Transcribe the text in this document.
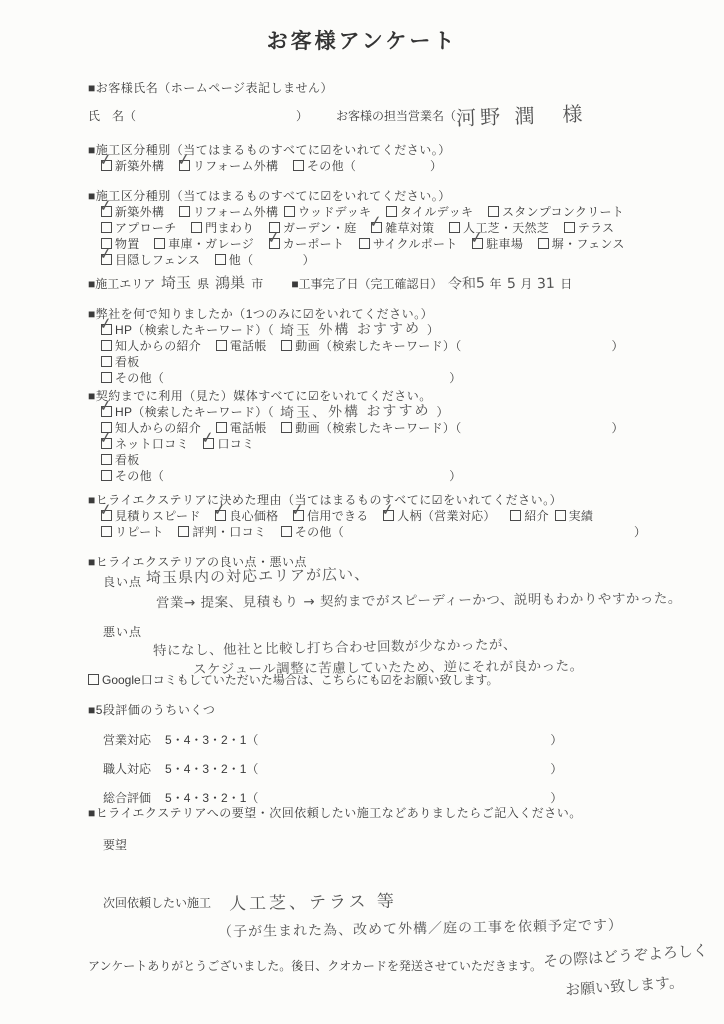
お客様アンケート
■お客様氏名（ホームページ表記しません）
氏　名（	） お客様の担当営業名（河野 潤　様
■施工区分種別（当てはまるものすべてに☑をいれてください。）
✓新築外構 ✓ リフォーム外構 その他（　　　　　　）
■施工区分種別（当てはまるものすべてに☑をいれてください。）
✓新築外構 リフォーム外構 ウッドデッキ タイルデッキ スタンプコンクリート
アプローチ 門まわり ガーデン・庭 ✓ 雑草対策 人工芝・天然芝 テラス
物置 車庫・ガレージ ✓ カーポート サイクルポート ✓ 駐車場 塀・フェンス
✓目隠しフェンス 他（　　　　）
■施工エリア 埼玉 県 鴻巣 市 ■工事完了日（完工確認日） 令和5 年 5 月 31 日
■弊社を何で知りましたか（1つのみに☑をいれてください。）
✓HP（検索したキーワード）（ 埼玉 外構 おすすめ ）
知人からの紹介 電話帳 動画（検索したキーワード）（	）
看板
その他（	）
■契約までに利用（見た）媒体すべてに☑をいれてください。
✓HP（検索したキーワード）（ 埼玉、外構 おすすめ ）
知人からの紹介 電話帳 動画（検索したキーワード）（	）
✓ネット口コミ ✓ 口コミ
看板
その他（	）
■ヒライエクステリアに決めた理由（当てはまるものすべてに☑をいれてください。）
✓見積りスピード ✓ 良心価格 ✓ 信用できる ✓ 人柄（営業対応） 紹介 実績
リピート 評判・口コミ その他（	）
■ヒライエクステリアの良い点・悪い点
良い点 埼玉県内の対応エリアが広い、
営業→ 提案、見積もり → 契約までがスピーディーかつ、説明もわかりやすかった。
悪い点
特になし、他社と比較し打ち合わせ回数が少なかったが、
スケジュール調整に苦慮していたため、逆にそれが良かった。
Google口コミもしていただいた場合は、こちらにも☑をお願い致します。
■5段評価のうちいくつ
営業対応 5・4・3・2・1（	）
職人対応 5・4・3・2・1（	）
総合評価 5・4・3・2・1（	）
■ヒライエクステリアへの要望・次回依頼したい施工などありましたらご記入ください。
要望
次回依頼したい施工 人工芝、テラス 等
（子が生まれた為、改めて外構／庭の工事を依頼予定です）
アンケートありがとうございました。後日、クオカードを発送させていただきます。 その際はどうぞよろしく
お願い致します。
